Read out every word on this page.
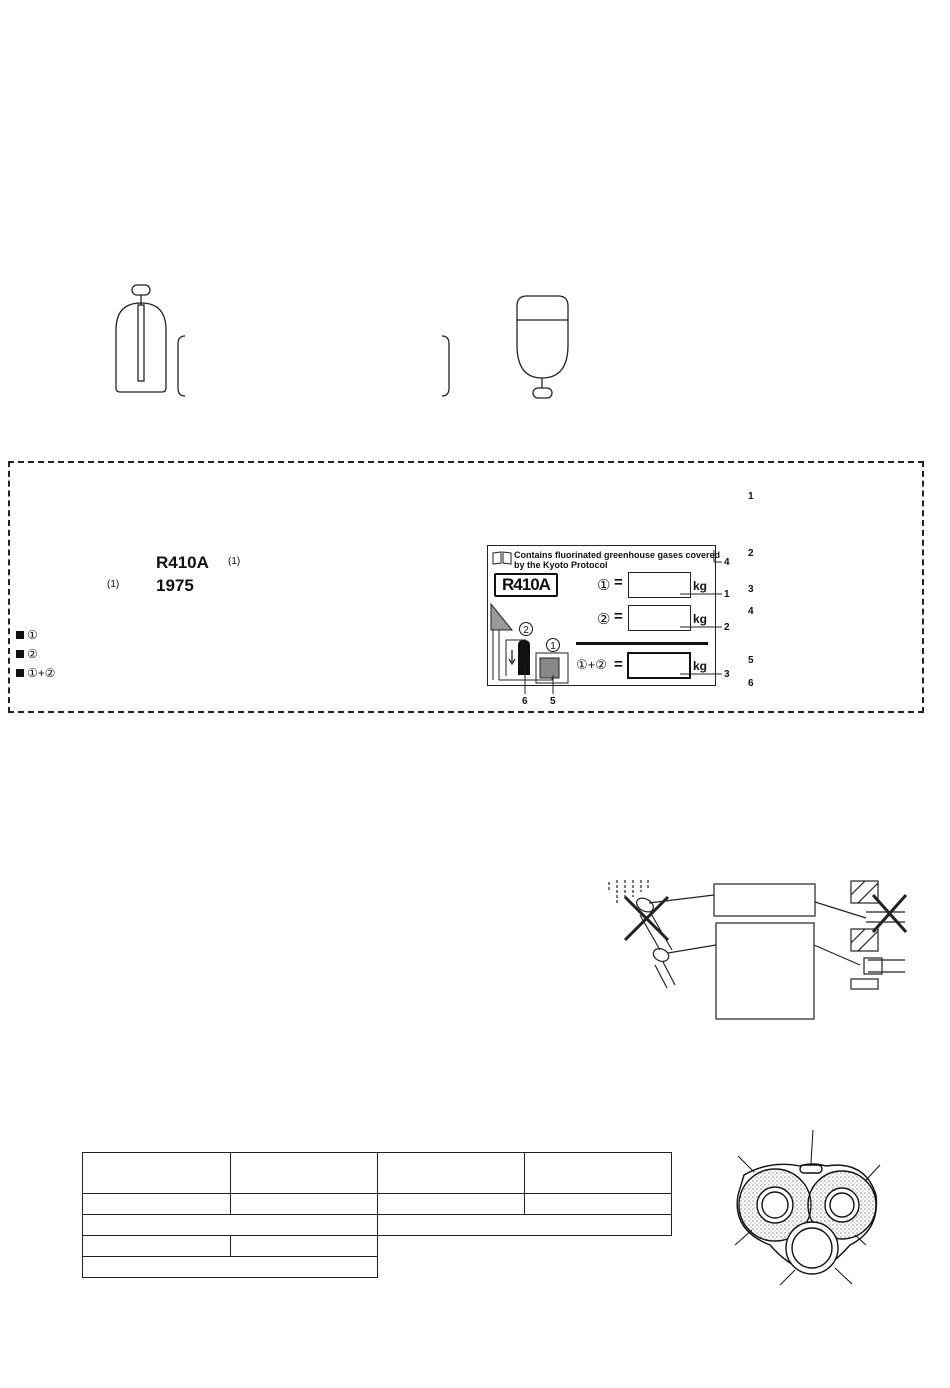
R410A (1)
(1) 1975
①
②
①+②
Contains fluorinated greenhouse gases covered
by the Kyoto Protocol
R410A	① =	kg
② =	kg
①+② =	kg
2
1
4
1
2
3
6 5
1
2
3
4
5
6
